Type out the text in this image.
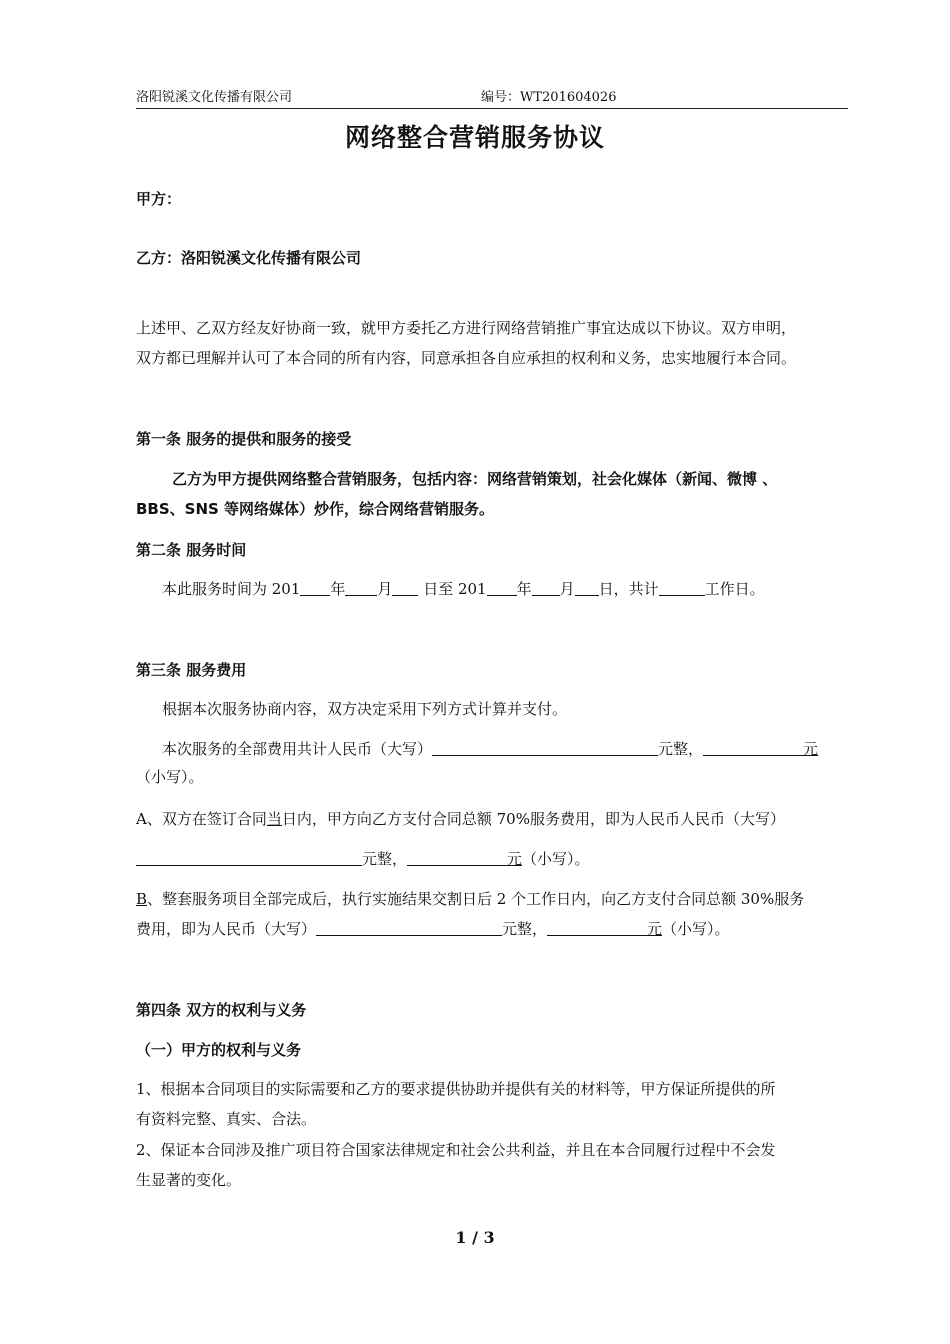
洛阳锐溪文化传播有限公司	编号：WT201604026
网络整合营销服务协议
甲方：
乙方：洛阳锐溪文化传播有限公司
上述甲、乙双方经友好协商一致，就甲方委托乙方进行网络营销推广事宜达成以下协议。双方申明，
双方都已理解并认可了本合同的所有内容，同意承担各自应承担的权利和义务，忠实地履行本合同。
第一条 服务的提供和服务的接受
乙方为甲方提供网络整合营销服务，包括内容：网络营销策划，社会化媒体（新闻、微博 、
BBS、SNS 等网络媒体）炒作，综合网络营销服务。
第二条 服务时间
本此服务时间为 201 年 月 日至 201 年 月 日，共计	工作日。
第三条 服务费用
根据本次服务协商内容，双方决定采用下列方式计算并支付。
本次服务的全部费用共计人民币（大写）	元整，	元
（小写）。
A、双方在签订合同当日内，甲方向乙方支付合同总额 70%服务费用，即为人民币人民币（大写）
元整，	元（小写）。
B、整套服务项目全部完成后，执行实施结果交割日后 2 个工作日内，向乙方支付合同总额 30%服务
费用，即为人民币（大写）	元整，	元（小写）。
第四条 双方的权利与义务
（一）甲方的权利与义务
1、根据本合同项目的实际需要和乙方的要求提供协助并提供有关的材料等，甲方保证所提供的所
有资料完整、真实、合法。
2、保证本合同涉及推广项目符合国家法律规定和社会公共利益，并且在本合同履行过程中不会发
生显著的变化。
1 / 3
